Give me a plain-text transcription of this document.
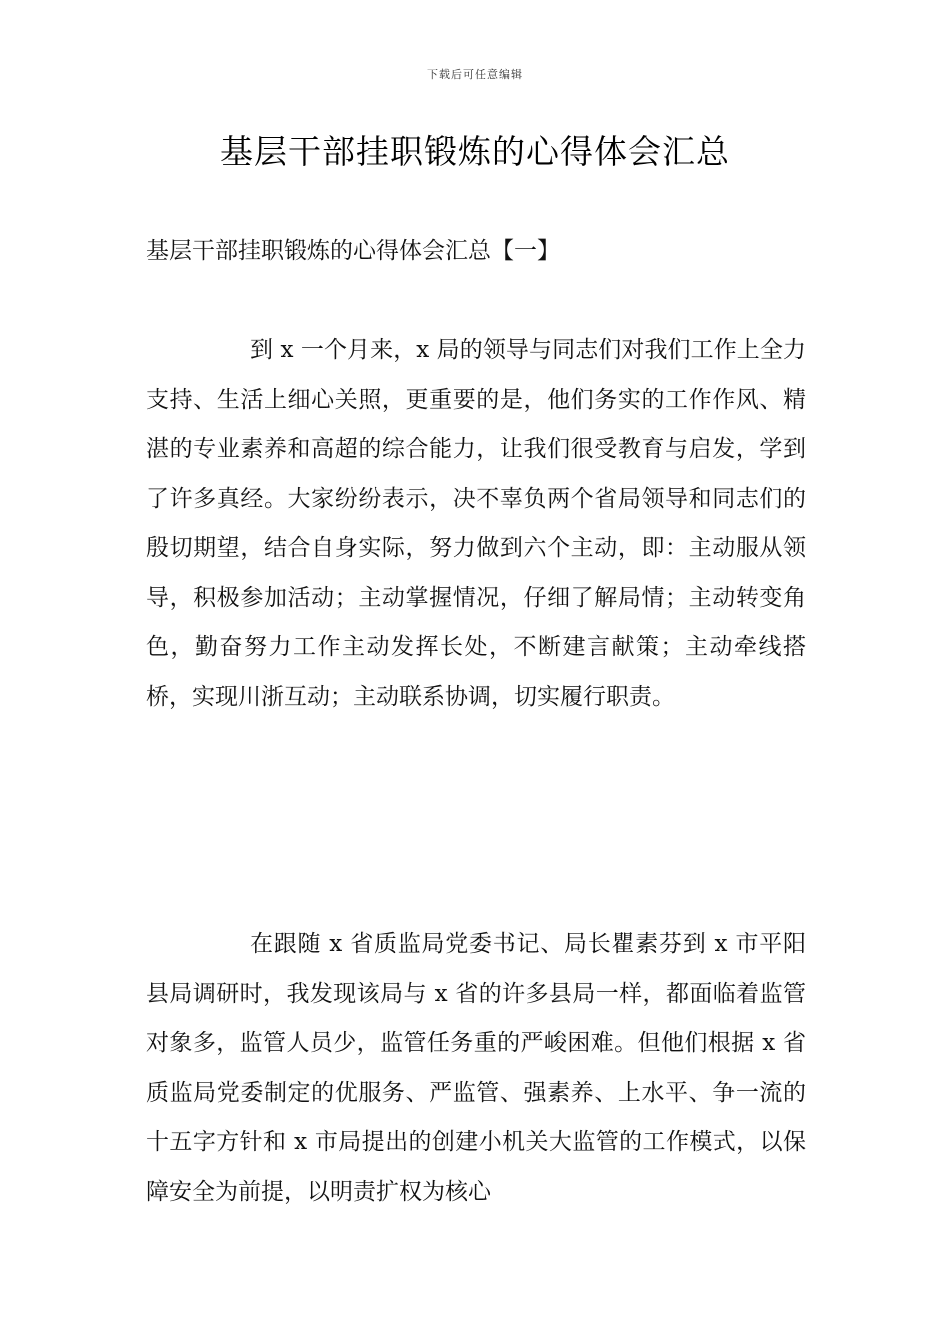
下载后可任意编辑
基层干部挂职锻炼的心得体会汇总
基层干部挂职锻炼的心得体会汇总【一】

到 x 一个月来，x 局的领导与同志们对我们工作上全力支持、生活上细心关照，更重要的是，他们务实的工作作风、精湛的专业素养和高超的综合能力，让我们很受教育与启发，学到了许多真经。大家纷纷表示，决不辜负两个省局领导和同志们的殷切期望，结合自身实际，努力做到六个主动，即：主动服从领导，积极参加活动；主动掌握情况，仔细了解局情；主动转变角色，勤奋努力工作主动发挥长处，不断建言献策；主动牵线搭桥，实现川浙互动；主动联系协调，切实履行职责。

在跟随 x 省质监局党委书记、局长瞿素芬到 x 市平阳县局调研时，我发现该局与 x 省的许多县局一样，都面临着监管对象多，监管人员少，监管任务重的严峻困难。但他们根据 x 省质监局党委制定的优服务、严监管、强素养、上水平、争一流的十五字方针和 x 市局提出的创建小机关大监管的工作模式，以保障安全为前提，以明责扩权为核心
